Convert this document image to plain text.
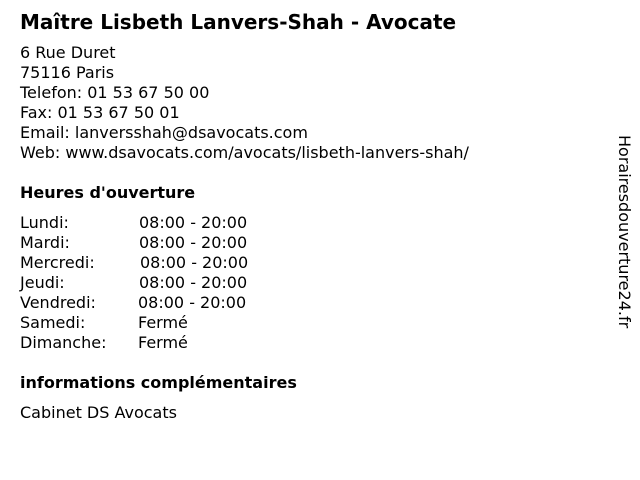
Maître Lisbeth Lanvers-Shah - Avocate
6 Rue Duret
75116 Paris
Telefon: 01 53 67 50 00
Fax: 01 53 67 50 01
Email: lanversshah@dsavocats.com
Web: www.dsavocats.com/avocats/lisbeth-lanvers-shah/
Heures d'ouverture
Lundi:	08:00 - 20:00
Mardi:	08:00 - 20:00
Mercredi:	08:00 - 20:00
Jeudi:	08:00 - 20:00
Vendredi:	08:00 - 20:00
Samedi:	Fermé
Dimanche: Fermé
informations complémentaires
Cabinet DS Avocats
Horairesdouverture24.fr
